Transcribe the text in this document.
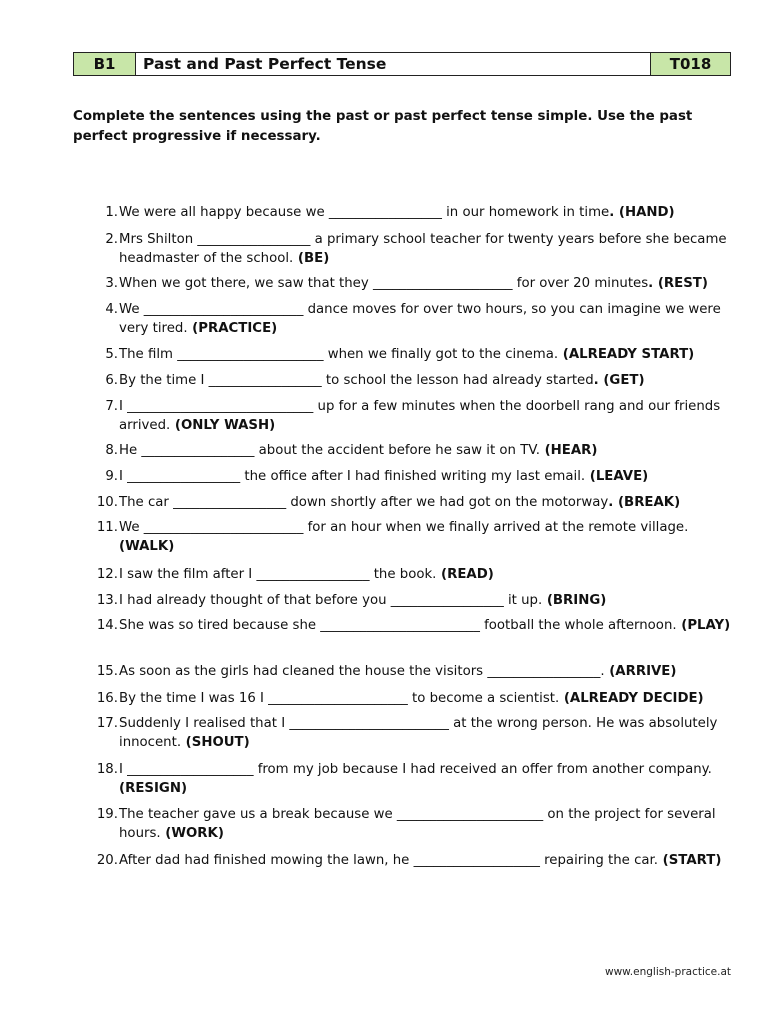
B1	Past and Past Perfect Tense	T018
Complete the sentences using the past or past perfect tense simple. Use the past perfect progressive if necessary.
1. We were all happy because we _________________ in our homework in time. (HAND)
2. Mrs Shilton _________________ a primary school teacher for twenty years before she became headmaster of the school. (BE)
3. When we got there, we saw that they _____________________ for over 20 minutes. (REST)
4. We ________________________ dance moves for over two hours, so you can imagine we were very tired. (PRACTICE)
5. The film ______________________ when we finally got to the cinema. (ALREADY START)
6. By the time I _________________ to school the lesson had already started. (GET)
7. I ____________________________ up for a few minutes when the doorbell rang and our friends arrived. (ONLY WASH)
8. He _________________ about the accident before he saw it on TV. (HEAR)
9. I _________________ the office after I had finished writing my last email. (LEAVE)
10. The car _________________ down shortly after we had got on the motorway. (BREAK)
11. We ________________________ for an hour when we finally arrived at the remote village. (WALK)
12. I saw the film after I _________________ the book. (READ)
13. I had already thought of that before you _________________ it up. (BRING)
14. She was so tired because she ________________________ football the whole afternoon. (PLAY)
15. As soon as the girls had cleaned the house the visitors _________________. (ARRIVE)
16. By the time I was 16 I _____________________ to become a scientist. (ALREADY DECIDE)
17. Suddenly I realised that I ________________________ at the wrong person. He was absolutely innocent. (SHOUT)
18. I ___________________ from my job because I had received an offer from another company. (RESIGN)
19. The teacher gave us a break because we ______________________ on the project for several hours. (WORK)
20. After dad had finished mowing the lawn, he ___________________ repairing the car. (START)
www.english-practice.at
